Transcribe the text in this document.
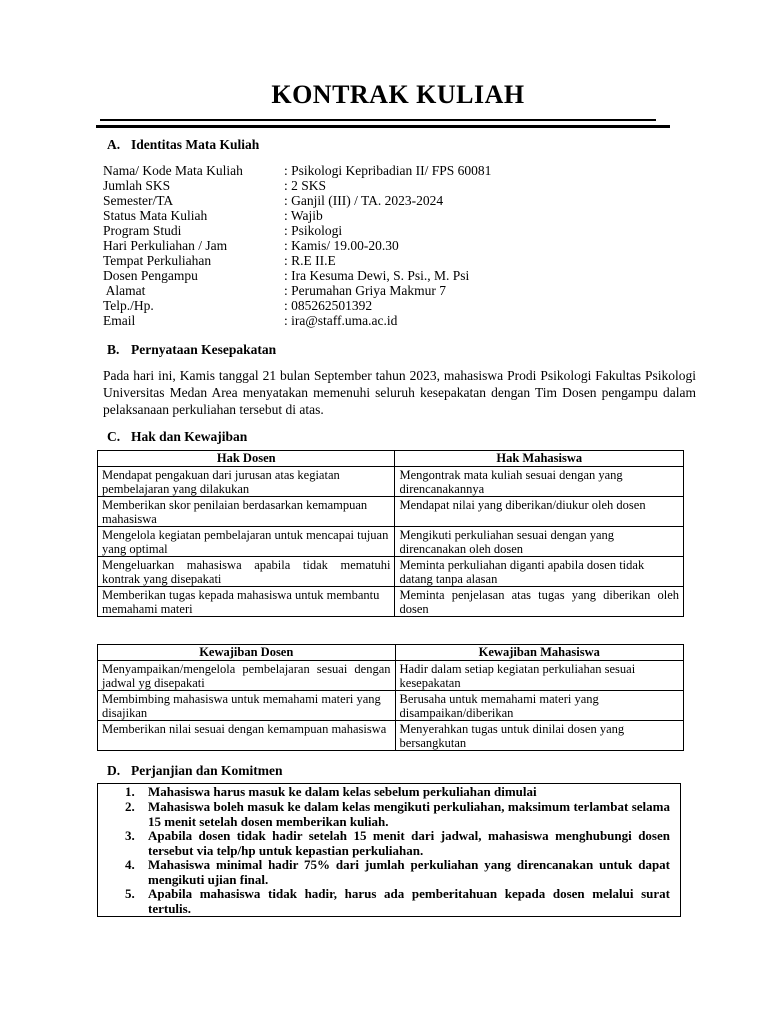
KONTRAK KULIAH
A. Identitas Mata Kuliah
Nama/ Kode Mata Kuliah	: Psikologi Kepribadian II/ FPS 60081
Jumlah SKS	: 2 SKS
Semester/TA	: Ganjil (III) / TA. 2023-2024
Status Mata Kuliah	: Wajib
Program Studi	: Psikologi
Hari Perkuliahan / Jam	: Kamis/ 19.00-20.30
Tempat Perkuliahan	: R.E II.E
Dosen Pengampu	: Ira Kesuma Dewi, S. Psi., M. Psi
Alamat	: Perumahan Griya Makmur 7
Telp./Hp.	: 085262501392
Email	: ira@staff.uma.ac.id
B. Pernyataan Kesepakatan
Pada hari ini, Kamis tanggal 21 bulan September tahun 2023, mahasiswa Prodi Psikologi Fakultas Psikologi Universitas Medan Area menyatakan memenuhi seluruh kesepakatan dengan Tim Dosen pengampu dalam pelaksanaan perkuliahan tersebut di atas.
C. Hak dan Kewajiban
Hak Dosen	Hak Mahasiswa
Mendapat pengakuan dari jurusan atas kegiatan pembelajaran yang dilakukan	Mengontrak mata kuliah sesuai dengan yang direncanakannya
Memberikan skor penilaian berdasarkan kemampuan mahasiswa	Mendapat nilai yang diberikan/diukur oleh dosen
Mengelola kegiatan pembelajaran untuk mencapai tujuan yang optimal	Mengikuti perkuliahan sesuai dengan yang direncanakan oleh dosen
Mengeluarkan mahasiswa apabila tidak mematuhi kontrak yang disepakati	Meminta perkuliahan diganti apabila dosen tidak datang tanpa alasan
Memberikan tugas kepada mahasiswa untuk membantu memahami materi	Meminta penjelasan atas tugas yang diberikan oleh dosen
Kewajiban Dosen	Kewajiban Mahasiswa
Menyampaikan/mengelola pembelajaran sesuai dengan jadwal yg disepakati	Hadir dalam setiap kegiatan perkuliahan sesuai kesepakatan
Membimbing mahasiswa untuk memahami materi yang disajikan	Berusaha untuk memahami materi yang disampaikan/diberikan
Memberikan nilai sesuai dengan kemampuan mahasiswa	Menyerahkan tugas untuk dinilai dosen yang bersangkutan
D. Perjanjian dan Komitmen
1. Mahasiswa harus masuk ke dalam kelas sebelum perkuliahan dimulai
2. Mahasiswa boleh masuk ke dalam kelas mengikuti perkuliahan, maksimum terlambat selama 15 menit setelah dosen memberikan kuliah.
3. Apabila dosen tidak hadir setelah 15 menit dari jadwal, mahasiswa menghubungi dosen tersebut via telp/hp untuk kepastian perkuliahan.
4. Mahasiswa minimal hadir 75% dari jumlah perkuliahan yang direncanakan untuk dapat mengikuti ujian final.
5. Apabila mahasiswa tidak hadir, harus ada pemberitahuan kepada dosen melalui surat tertulis.
